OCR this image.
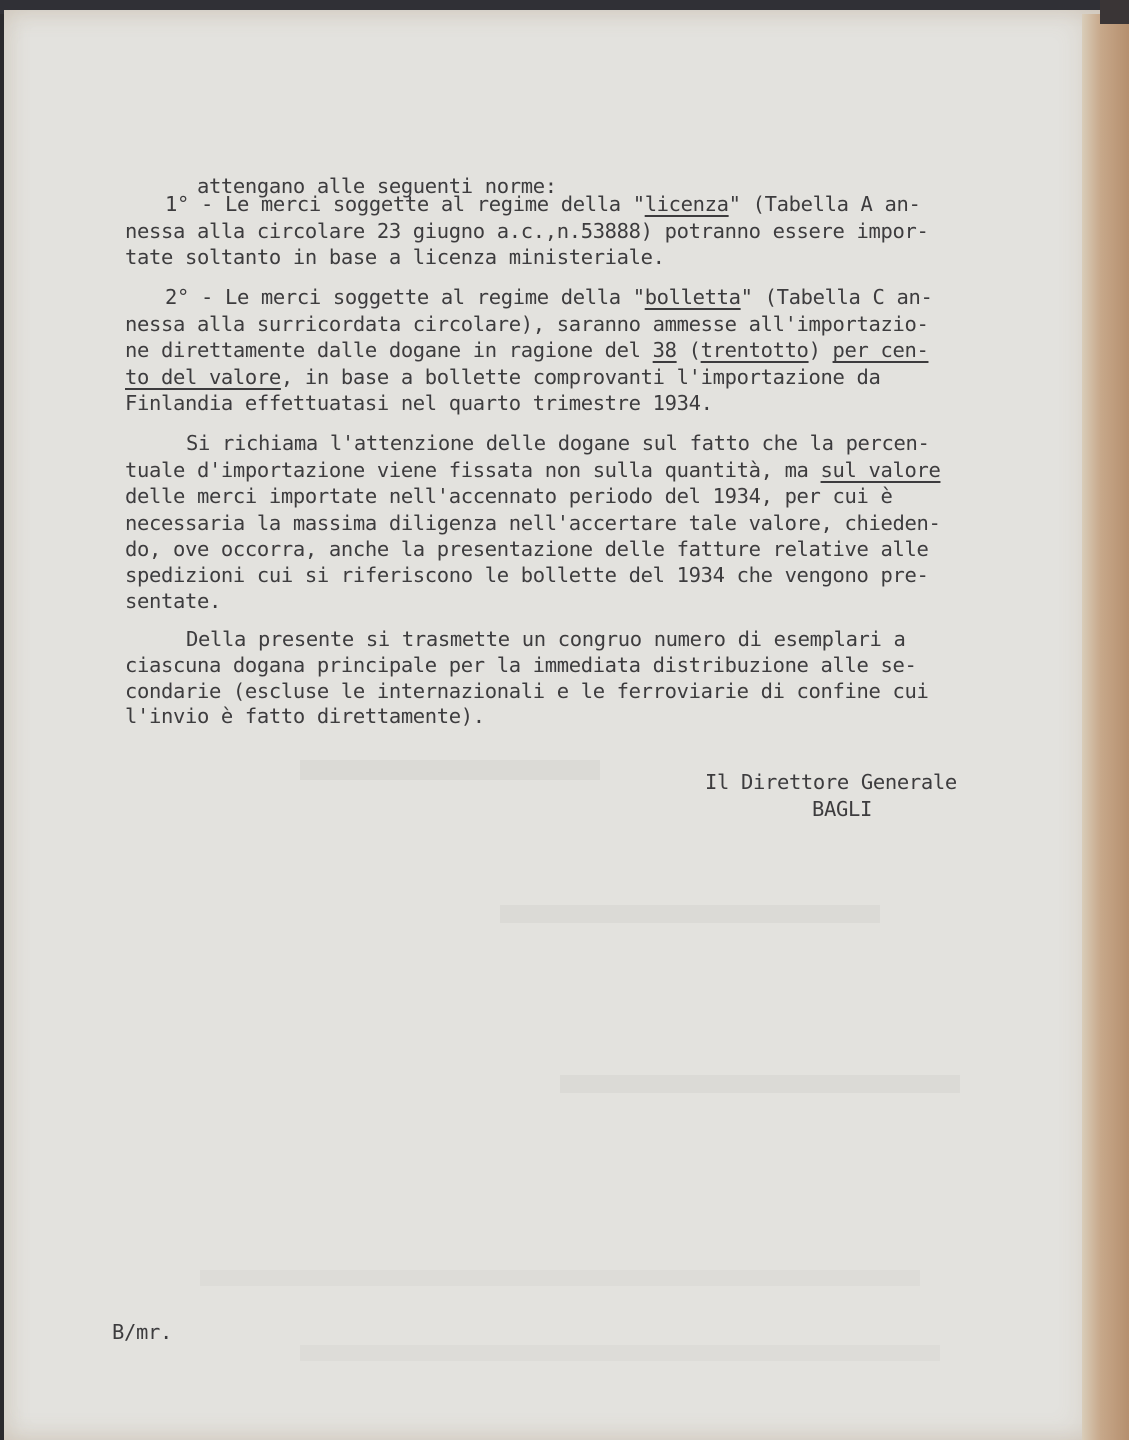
attengano alle seguenti norme:

1° - Le merci soggette al regime della "licenza" (Tabella A an-
nessa alla circolare 23 giugno a.c.,n.53888) potranno essere impor-
tate soltanto in base a licenza ministeriale.
2° - Le merci soggette al regime della "bolletta" (Tabella C an-
nessa alla surricordata circolare), saranno ammesse all'importazio-
ne direttamente dalle dogane in ragione del 38 (trentotto) per cen-
to del valore, in base a bollette comprovanti l'importazione da
Finlandia effettuatasi nel quarto trimestre 1934.
Si richiama l'attenzione delle dogane sul fatto che la percen-
tuale d'importazione viene fissata non sulla quantità, ma sul valore
delle merci importate nell'accennato periodo del 1934, per cui è
necessaria la massima diligenza nell'accertare tale valore, chieden-
do, ove occorra, anche la presentazione delle fatture relative alle
spedizioni cui si riferiscono le bollette del 1934 che vengono pre-
sentate.
Della presente si trasmette un congruo numero di esemplari a
ciascuna dogana principale per la immediata distribuzione alle se-
condarie (escluse le internazionali e le ferroviarie di confine cui
l'invio è fatto direttamente).
Il Direttore Generale
BAGLI
B/mr.
